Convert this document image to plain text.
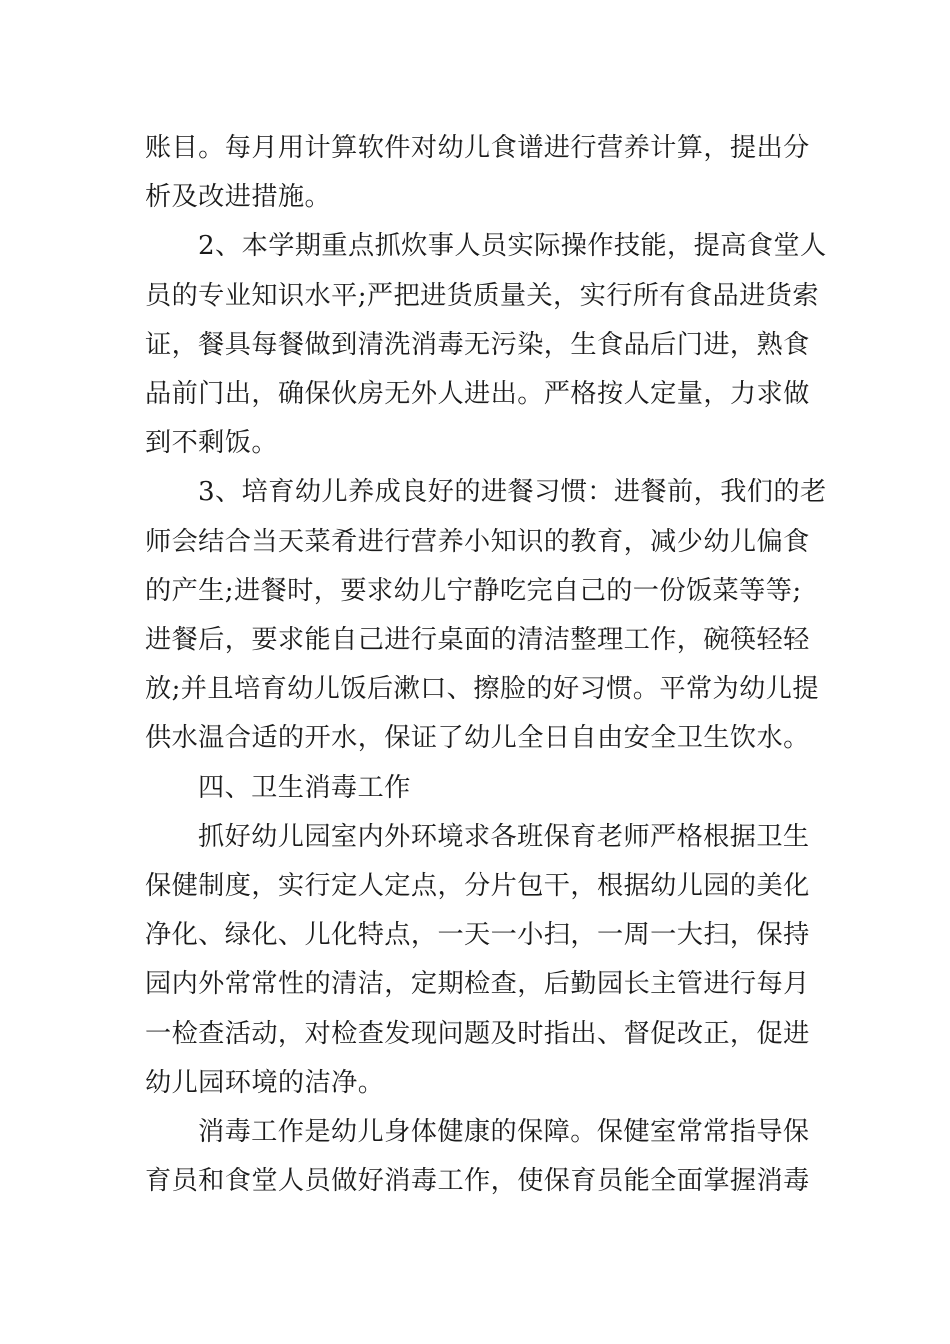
账目。每月用计算软件对幼儿食谱进行营养计算，提出分
析及改进措施。

2、本学期重点抓炊事人员实际操作技能，提高食堂人
员的专业知识水平;严把进货质量关，实行所有食品进货索
证，餐具每餐做到清洗消毒无污染，生食品后门进，熟食
品前门出，确保伙房无外人进出。严格按人定量，力求做
到不剩饭。

3、培育幼儿养成良好的进餐习惯：进餐前，我们的老
师会结合当天菜肴进行营养小知识的教育，减少幼儿偏食
的产生;进餐时，要求幼儿宁静吃完自己的一份饭菜等等;
进餐后，要求能自己进行桌面的清洁整理工作，碗筷轻轻
放;并且培育幼儿饭后漱口、擦脸的好习惯。平常为幼儿提
供水温合适的开水，保证了幼儿全日自由安全卫生饮水。

四、卫生消毒工作

抓好幼儿园室内外环境求各班保育老师严格根据卫生
保健制度，实行定人定点，分片包干，根据幼儿园的美化
净化、绿化、儿化特点，一天一小扫，一周一大扫，保持
园内外常常性的清洁，定期检查，后勤园长主管进行每月
一检查活动，对检查发现问题及时指出、督促改正，促进
幼儿园环境的洁净。

消毒工作是幼儿身体健康的保障。保健室常常指导保
育员和食堂人员做好消毒工作，使保育员能全面掌握消毒
